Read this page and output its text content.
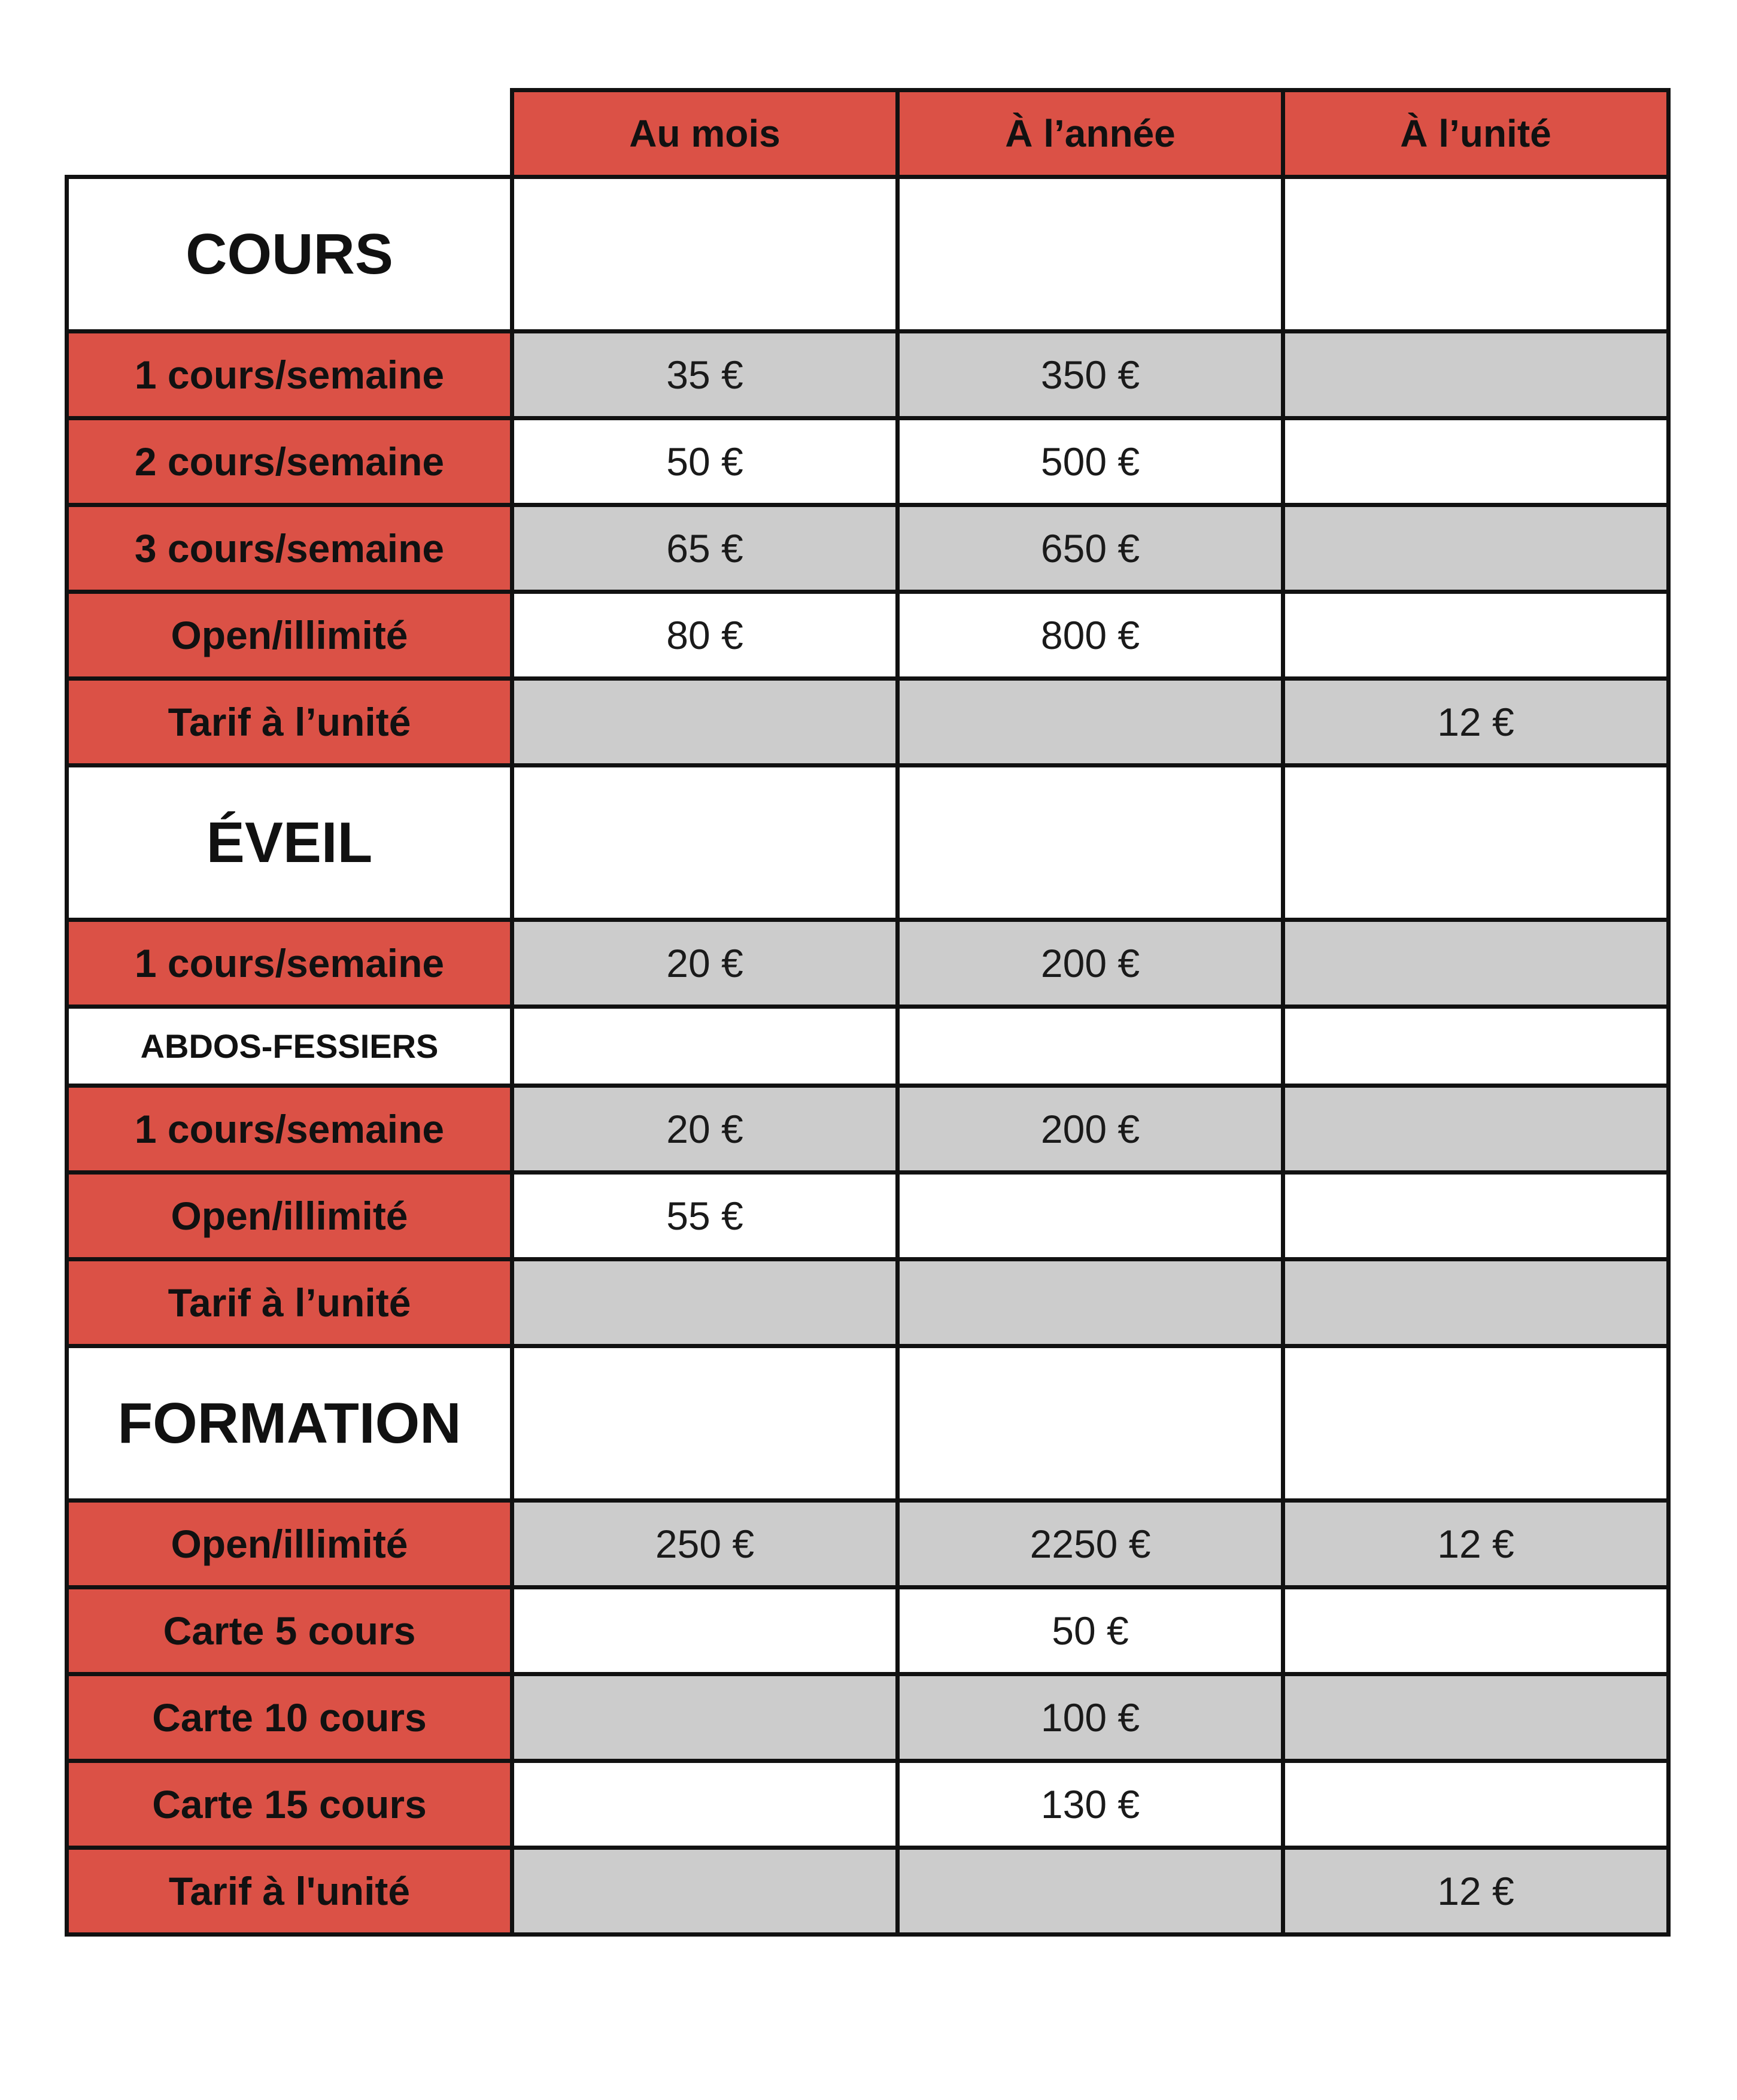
	Au mois	À l’année	À l’unité
COURS			
1 cours/semaine	35 €	350 €	
2 cours/semaine	50 €	500 €	
3 cours/semaine	65 €	650 €	
Open/illimité	80 €	800 €	
Tarif à l’unité			12 €
ÉVEIL			
1 cours/semaine	20 €	200 €	
ABDOS-FESSIERS			
1 cours/semaine	20 €	200 €	
Open/illimité	55 €		
Tarif à l’unité			
FORMATION			
Open/illimité	250 €	2250 €	12 €
Carte 5 cours		50 €	
Carte 10 cours		100 €	
Carte 15 cours		130 €	
Tarif à l'unité			12 €
